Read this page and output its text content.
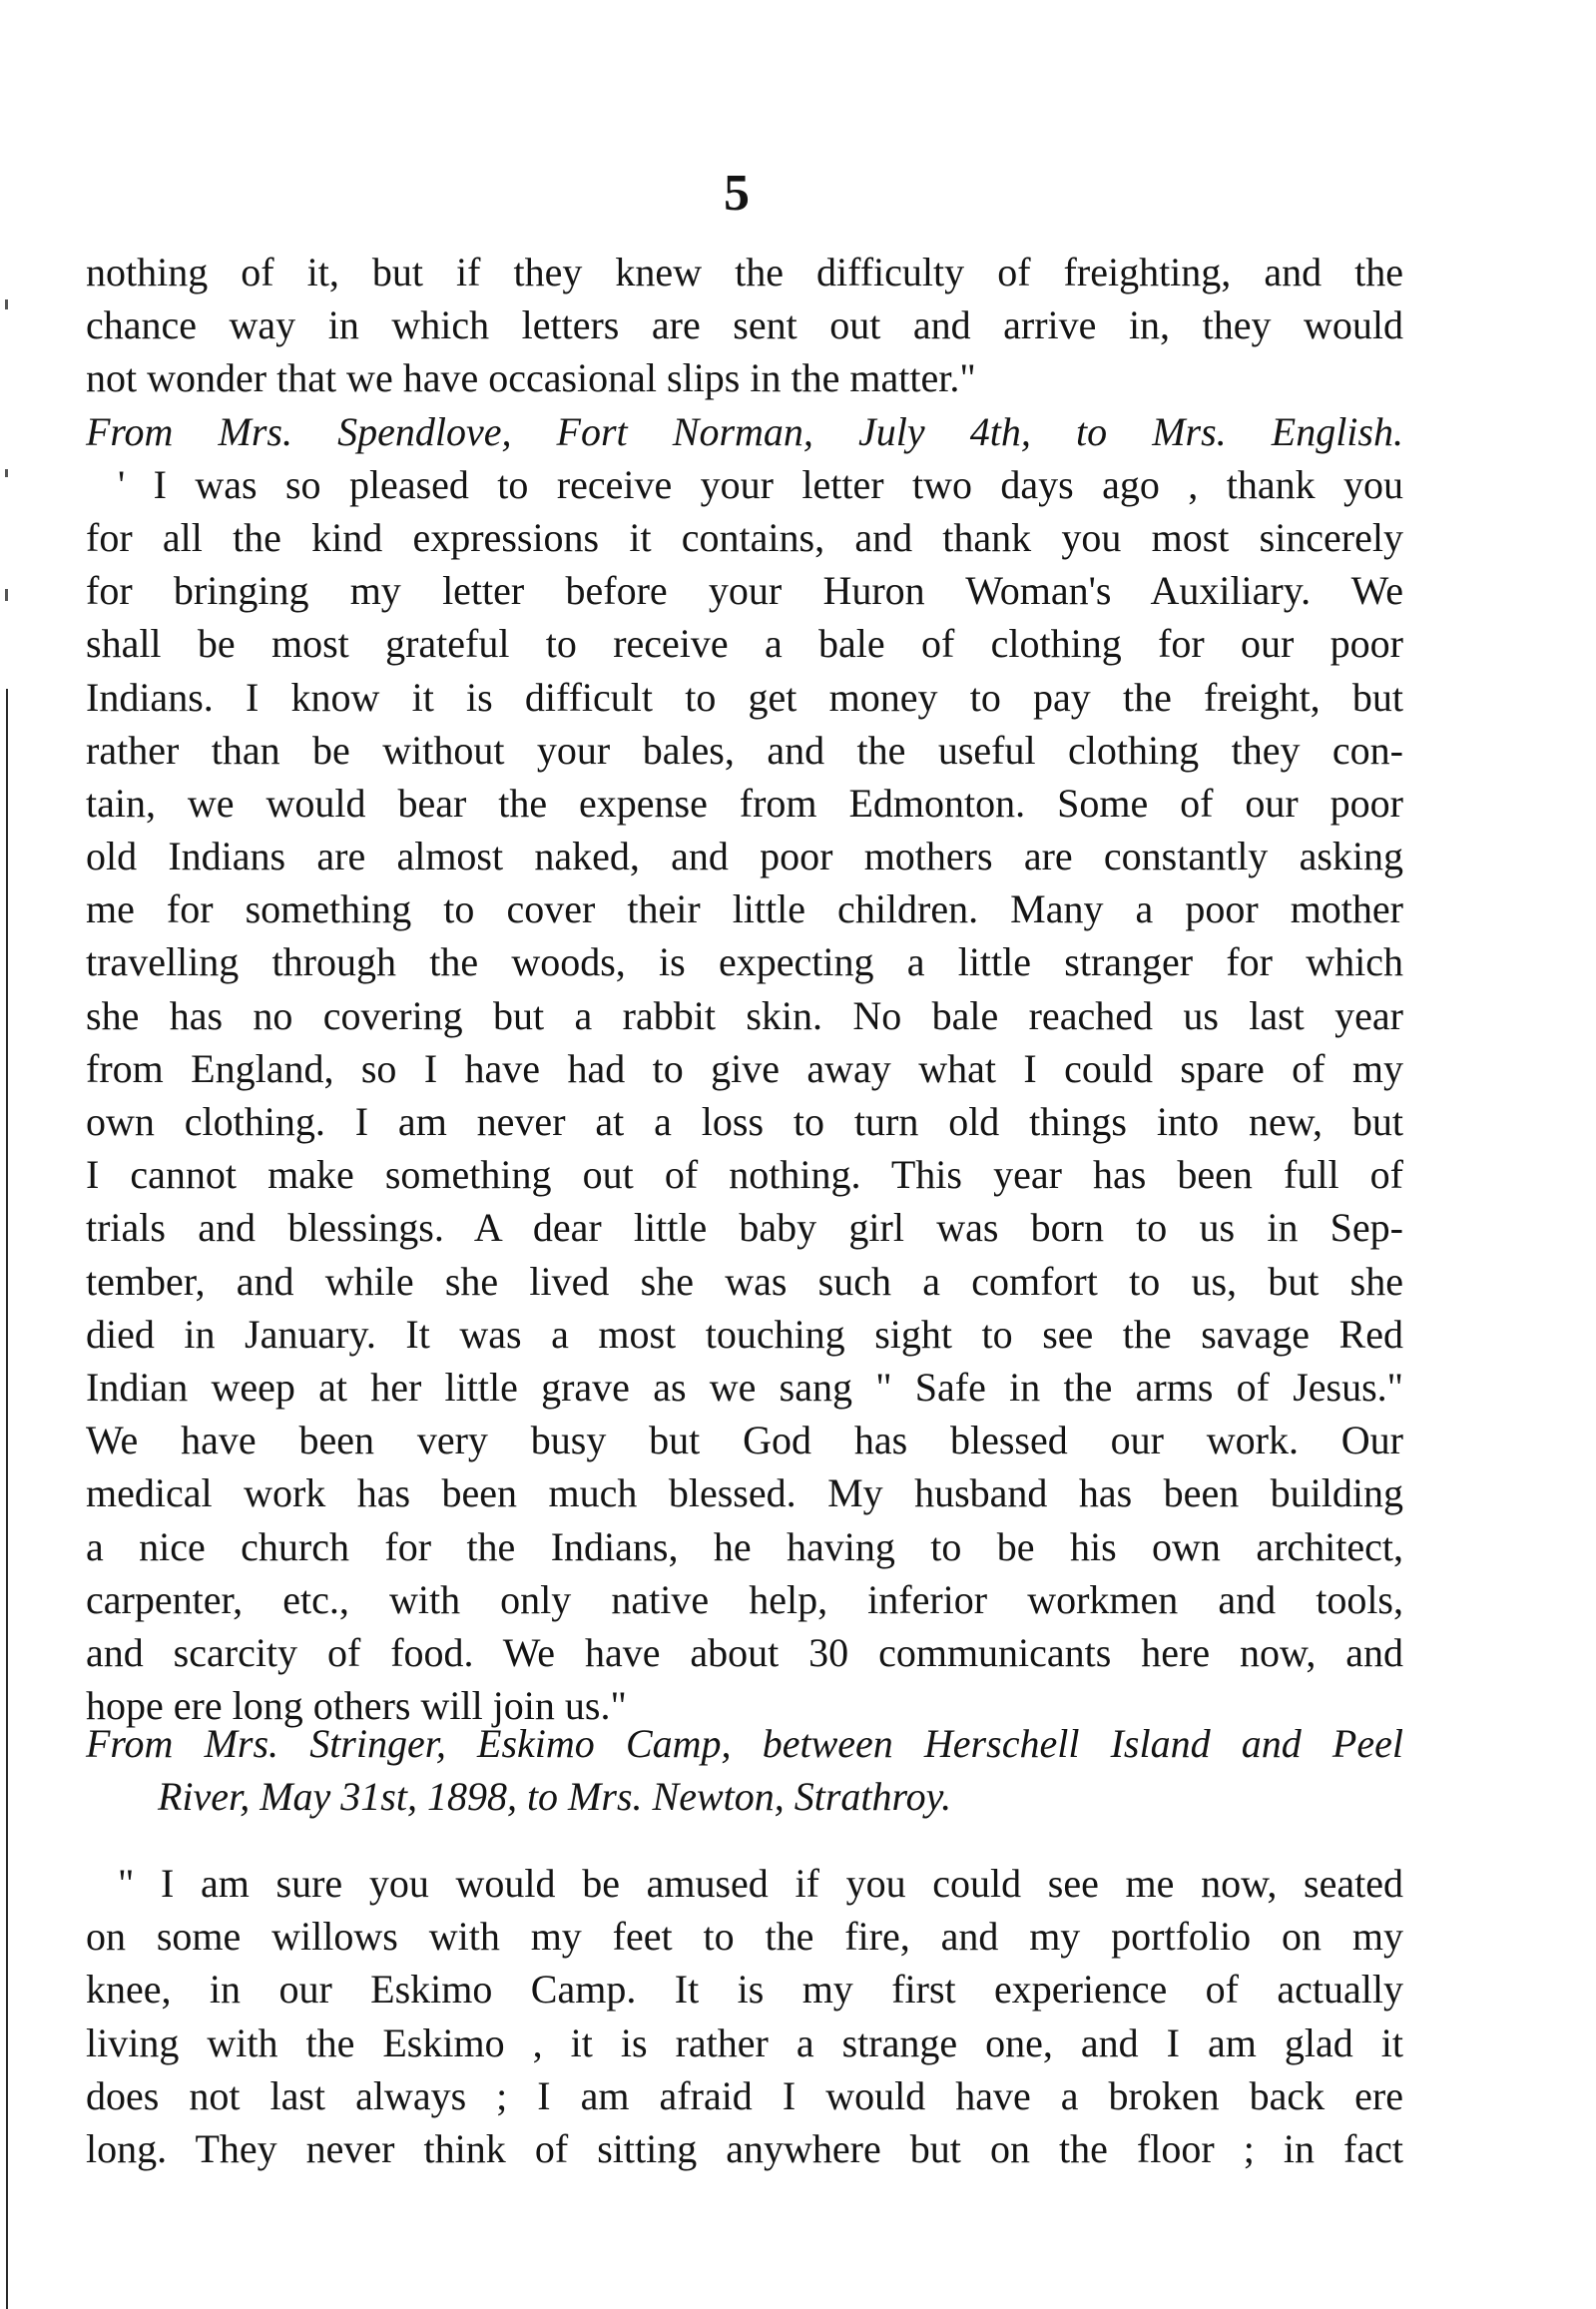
5
nothing of it, but if they knew the difficulty of freighting, and the
chance way in which letters are sent out and arrive in, they would
not wonder that we have occasional slips in the matter."
From Mrs. Spendlove, Fort Norman, July 4th, to Mrs. English.
' I was so pleased to receive your letter two days ago , thank you
for all the kind expressions it contains, and thank you most sincerely
for bringing my letter before your Huron Woman's Auxiliary. We
shall be most grateful to receive a bale of clothing for our poor
Indians. I know it is difficult to get money to pay the freight, but
rather than be without your bales, and the useful clothing they con-
tain, we would bear the expense from Edmonton. Some of our poor
old Indians are almost naked, and poor mothers are constantly asking
me for something to cover their little children. Many a poor mother
travelling through the woods, is expecting a little stranger for which
she has no covering but a rabbit skin. No bale reached us last year
from England, so I have had to give away what I could spare of my
own clothing. I am never at a loss to turn old things into new, but
I cannot make something out of nothing. This year has been full of
trials and blessings. A dear little baby girl was born to us in Sep-
tember, and while she lived she was such a comfort to us, but she
died in January. It was a most touching sight to see the savage Red
Indian weep at her little grave as we sang " Safe in the arms of Jesus."
We have been very busy but God has blessed our work. Our
medical work has been much blessed. My husband has been building
a nice church for the Indians, he having to be his own architect,
carpenter, etc., with only native help, inferior workmen and tools,
and scarcity of food. We have about 30 communicants here now, and
hope ere long others will join us."
From Mrs. Stringer, Eskimo Camp, between Herschell Island and Peel
River, May 31st, 1898, to Mrs. Newton, Strathroy.
" I am sure you would be amused if you could see me now, seated
on some willows with my feet to the fire, and my portfolio on my
knee, in our Eskimo Camp. It is my first experience of actually
living with the Eskimo , it is rather a strange one, and I am glad it
does not last always ; I am afraid I would have a broken back ere
long. They never think of sitting anywhere but on the floor ; in fact
